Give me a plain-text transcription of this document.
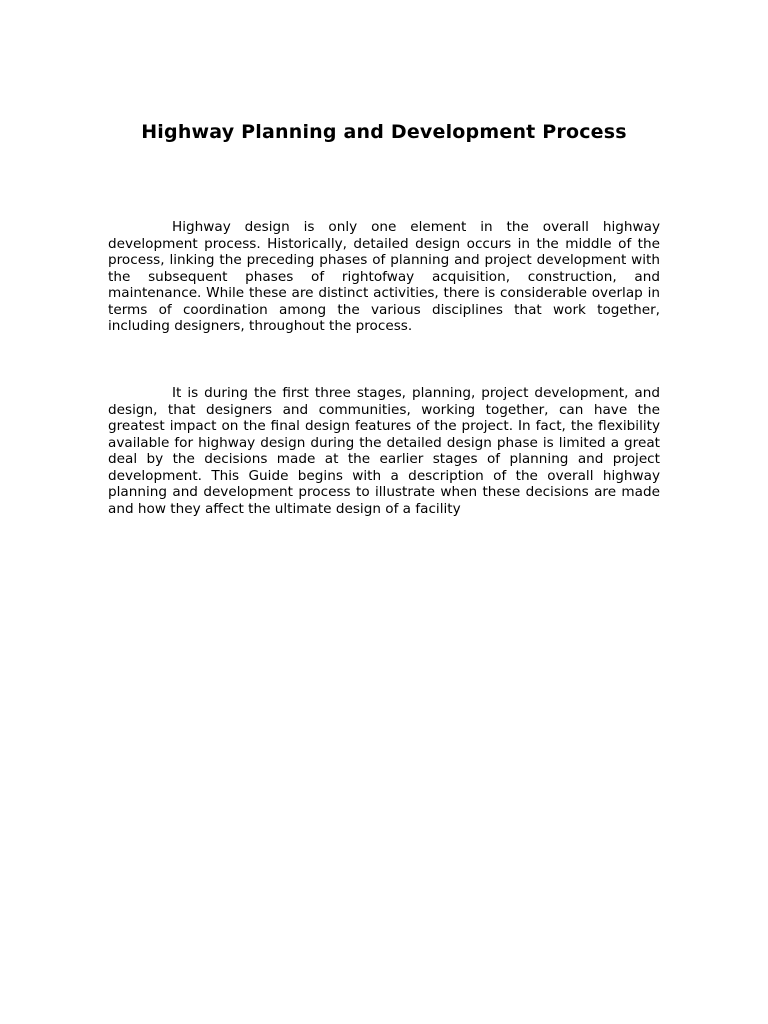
Highway Planning and Development Process

Highway design is only one element in the overall highway development process. Historically, detailed design occurs in the middle of the process, linking the preceding phases of planning and project development with the subsequent phases of rightofway acquisition, construction, and maintenance. While these are distinct activities, there is considerable overlap in terms of coordination among the various disciplines that work together, including designers, throughout the process.

It is during the first three stages, planning, project development, and design, that designers and communities, working together, can have the greatest impact on the final design features of the project. In fact, the flexibility available for highway design during the detailed design phase is limited a great deal by the decisions made at the earlier stages of planning and project development. This Guide begins with a description of the overall highway planning and development process to illustrate when these decisions are made and how they affect the ultimate design of a facility
